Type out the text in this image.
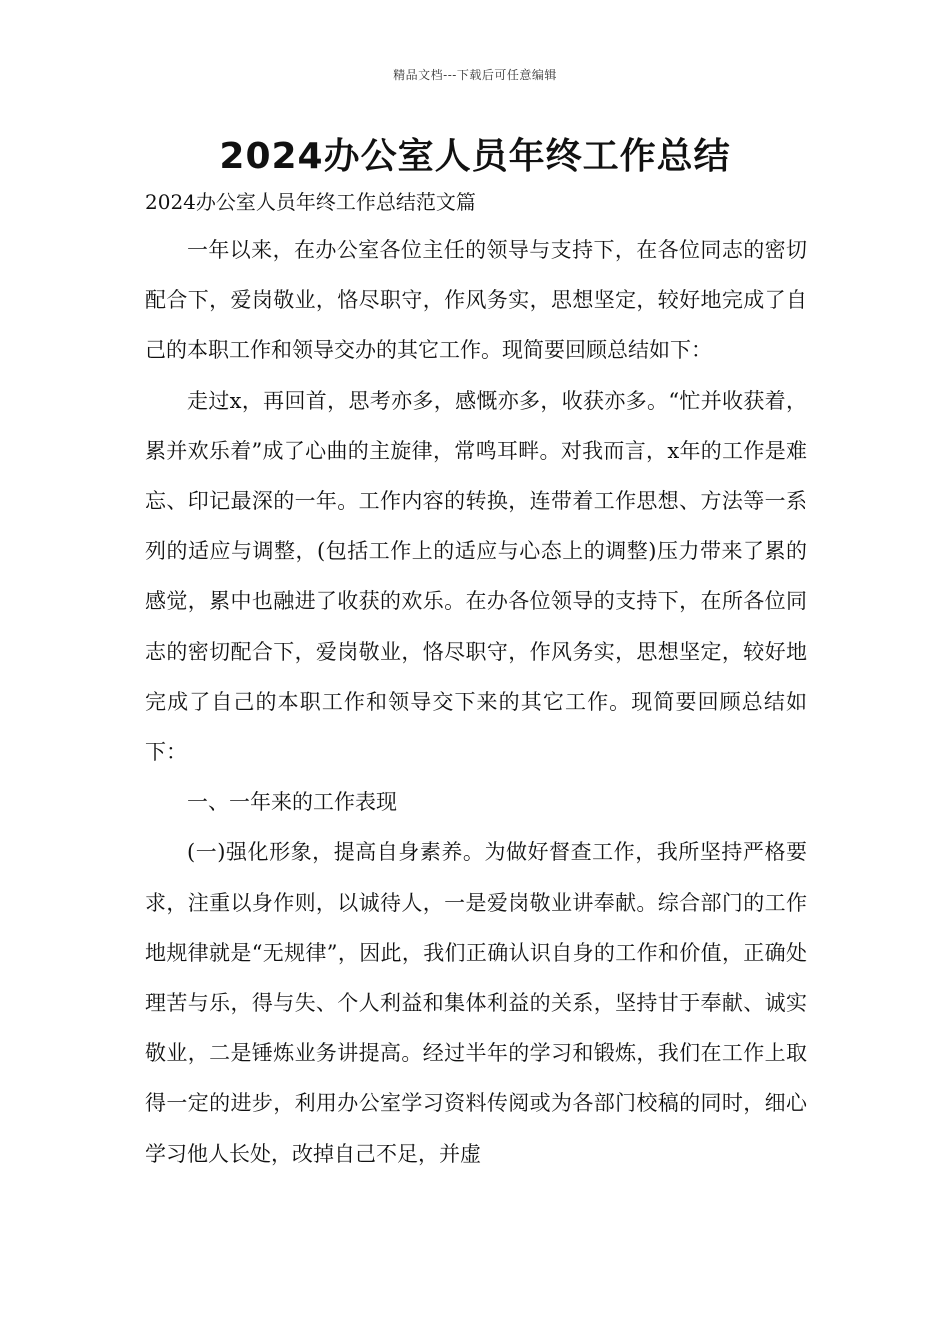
精品文档---下载后可任意编辑
2024办公室人员年终工作总结

2024办公室人员年终工作总结范文篇

一年以来，在办公室各位主任的领导与支持下，在各位同志的密切配合下，爱岗敬业，恪尽职守，作风务实，思想坚定，较好地完成了自己的本职工作和领导交办的其它工作。现简要回顾总结如下：

走过x，再回首，思考亦多，感慨亦多，收获亦多。“忙并收获着，累并欢乐着”成了心曲的主旋律，常鸣耳畔。对我而言，x年的工作是难忘、印记最深的一年。工作内容的转换，连带着工作思想、方法等一系列的适应与调整，(包括工作上的适应与心态上的调整)压力带来了累的感觉，累中也融进了收获的欢乐。在办各位领导的支持下，在所各位同志的密切配合下，爱岗敬业，恪尽职守，作风务实，思想坚定，较好地完成了自己的本职工作和领导交下来的其它工作。现简要回顾总结如下：

一、一年来的工作表现

(一)强化形象，提高自身素养。为做好督查工作，我所坚持严格要求，注重以身作则，以诚待人，一是爱岗敬业讲奉献。综合部门的工作地规律就是“无规律”，因此，我们正确认识自身的工作和价值，正确处理苦与乐，得与失、个人利益和集体利益的关系，坚持甘于奉献、诚实敬业，二是锤炼业务讲提高。经过半年的学习和锻炼，我们在工作上取得一定的进步，利用办公室学习资料传阅或为各部门校稿的同时，细心学习他人长处，改掉自己不足，并虚
